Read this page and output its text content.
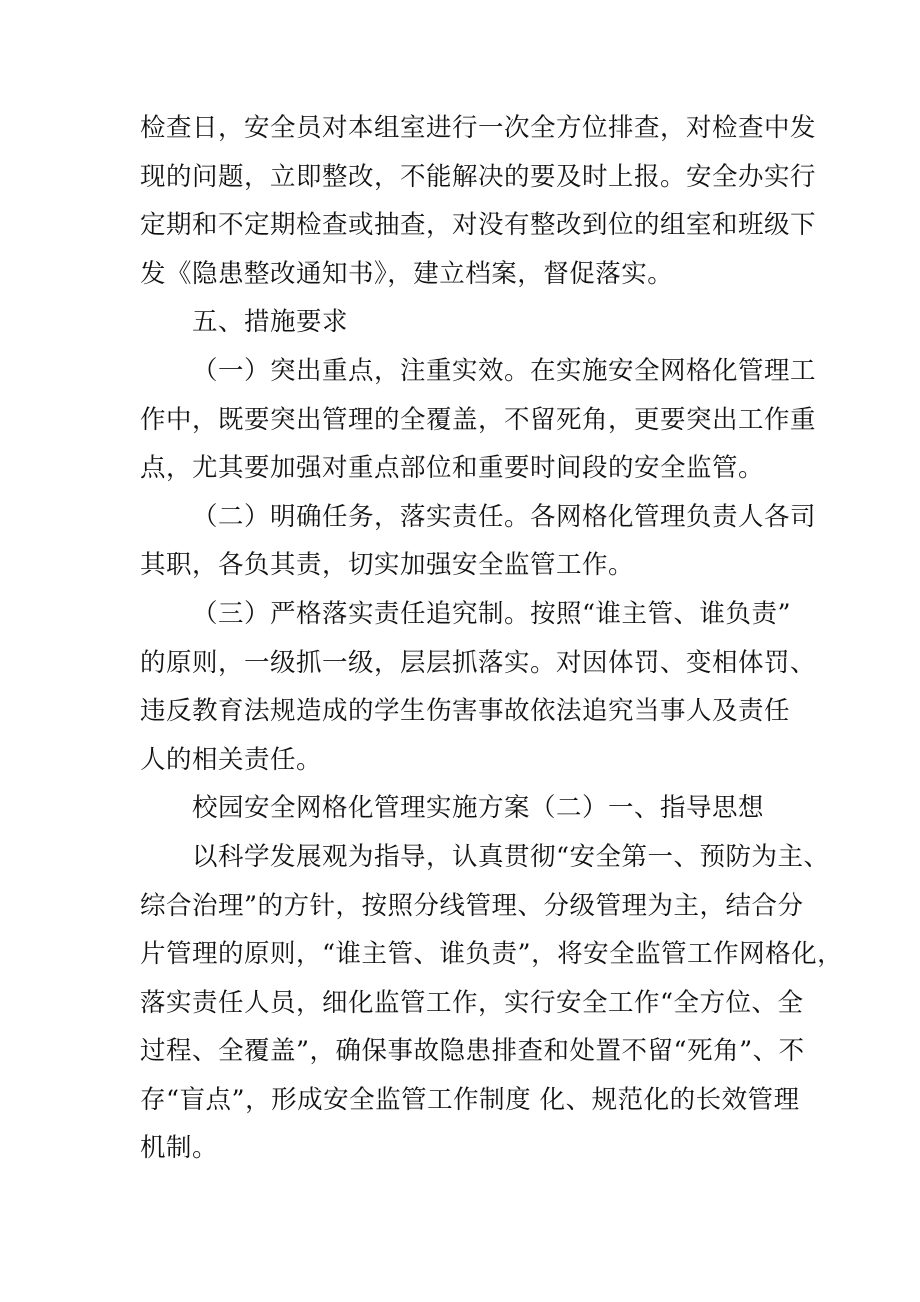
检查日，安全员对本组室进行一次全方位排查，对检查中发
现的问题，立即整改，不能解决的要及时上报。安全办实行
定期和不定期检查或抽查，对没有整改到位的组室和班级下
发《隐患整改通知书》，建立档案，督促落实。
五、措施要求
（一）突出重点，注重实效。在实施安全网格化管理工
作中，既要突出管理的全覆盖，不留死角，更要突出工作重
点，尤其要加强对重点部位和重要时间段的安全监管。
（二）明确任务，落实责任。各网格化管理负责人各司
其职，各负其责，切实加强安全监管工作。
（三）严格落实责任追究制。按照“谁主管、谁负责”
的原则，一级抓一级，层层抓落实。对因体罚、变相体罚、
违反教育法规造成的学生伤害事故依法追究当事人及责任
人的相关责任。
校园安全网格化管理实施方案（二）一、指导思想
以科学发展观为指导，认真贯彻“安全第一、预防为主、
综合治理”的方针，按照分线管理、分级管理为主，结合分
片管理的原则，“谁主管、谁负责”，将安全监管工作网格化，
落实责任人员，细化监管工作，实行安全工作“全方位、全
过程、全覆盖”，确保事故隐患排查和处置不留“死角”、不
存“盲点”，形成安全监管工作制度 化、规范化的长效管理
机制。
